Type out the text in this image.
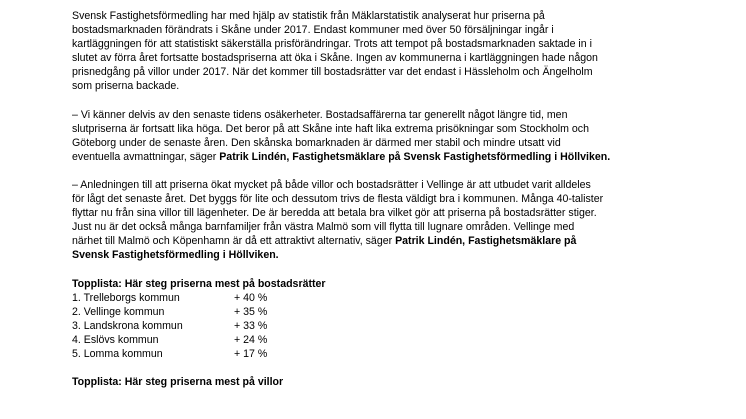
Svensk Fastighetsförmedling har med hjälp av statistik från Mäklarstatistik analyserat hur priserna på
bostadsmarknaden förändrats i Skåne under 2017. Endast kommuner med över 50 försäljningar ingår i
kartläggningen för att statistiskt säkerställa prisförändringar. Trots att tempot på bostadsmarknaden saktade in i
slutet av förra året fortsatte bostadspriserna att öka i Skåne. Ingen av kommunerna i kartläggningen hade någon
prisnedgång på villor under 2017. När det kommer till bostadsrätter var det endast i Hässleholm och Ängelholm
som priserna backade.

– Vi känner delvis av den senaste tidens osäkerheter. Bostadsaffärerna tar generellt något längre tid, men
slutpriserna är fortsatt lika höga. Det beror på att Skåne inte haft lika extrema prisökningar som Stockholm och
Göteborg under de senaste åren. Den skånska bomarknaden är därmed mer stabil och mindre utsatt vid
eventuella avmattningar, säger Patrik Lindén, Fastighetsmäklare på Svensk Fastighetsförmedling i Höllviken.

– Anledningen till att priserna ökat mycket på både villor och bostadsrätter i Vellinge är att utbudet varit alldeles
för lågt det senaste året. Det byggs för lite och dessutom trivs de flesta väldigt bra i kommunen. Många 40-talister
flyttar nu från sina villor till lägenheter. De är beredda att betala bra vilket gör att priserna på bostadsrätter stiger.
Just nu är det också många barnfamiljer från västra Malmö som vill flytta till lugnare områden. Vellinge med
närhet till Malmö och Köpenhamn är då ett attraktivt alternativ, säger Patrik Lindén, Fastighetsmäklare på
Svensk Fastighetsförmedling i Höllviken.

Topplista: Här steg priserna mest på bostadsrätter

1. Trelleborgs kommun	+ 40 %
2. Vellinge kommun	+ 35 %
3. Landskrona kommun	+ 33 %
4. Eslövs kommun	+ 24 %
5. Lomma kommun	+ 17 %

Topplista: Här steg priserna mest på villor
